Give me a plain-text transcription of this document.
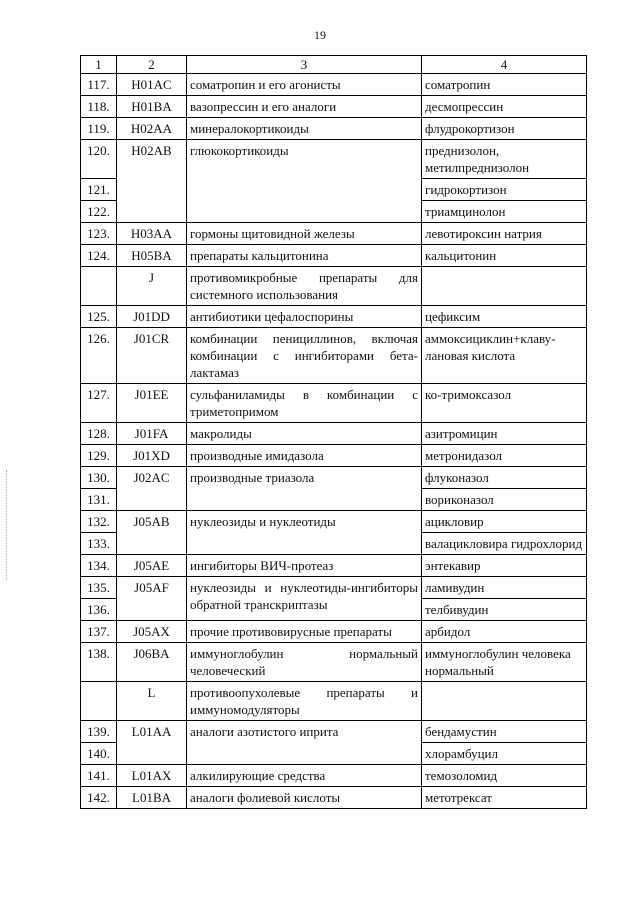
19
1	2	3	4
117.	H01AC	соматропин и его агонисты	соматропин
118.	H01BA	вазопрессин и его аналоги	десмопрессин
119.	H02AA	минералокортикоиды	флудрокортизон
120.	H02AB	глюкокортикоиды	преднизолон, метилпреднизолон
121.			гидрокортизон
122.			триамцинолон
123.	H03AA	гормоны щитовидной железы	левотироксин натрия
124.	H05BA	препараты кальцитонина	кальцитонин
	J	противомикробные препараты для системного использования	
125.	J01DD	антибиотики цефалоспорины	цефиксим
126.	J01CR	комбинации пенициллинов, включая комбинации с ингибиторами бета-лактамаз	аммоксициклин+клаву-лановая кислота
127.	J01EE	сульфаниламиды в комбинации с триметопримом	ко-тримоксазол
128.	J01FA	макролиды	азитромицин
129.	J01XD	производные имидазола	метронидазол
130.	J02AC	производные триазола	флуконазол
131.			вориконазол
132.	J05AB	нуклеозиды и нуклеотиды	ацикловир
133.			валацикловира гидрохлорид
134.	J05AE	ингибиторы ВИЧ-протеаз	энтекавир
135.	J05AF	нуклеозиды и нуклеотиды-ингибиторы обратной транскриптазы	ламивудин
136.			телбивудин
137.	J05AX	прочие противовирусные препараты	арбидол
138.	J06BA	иммуноглобулин нормальный человеческий	иммуноглобулин человека нормальный
	L	противоопухолевые препараты и иммуномодуляторы	
139.	L01AA	аналоги азотистого иприта	бендамустин
140.			хлорамбуцил
141.	L01AX	алкилирующие средства	темозоломид
142.	L01BA	аналоги фолиевой кислоты	метотрексат
